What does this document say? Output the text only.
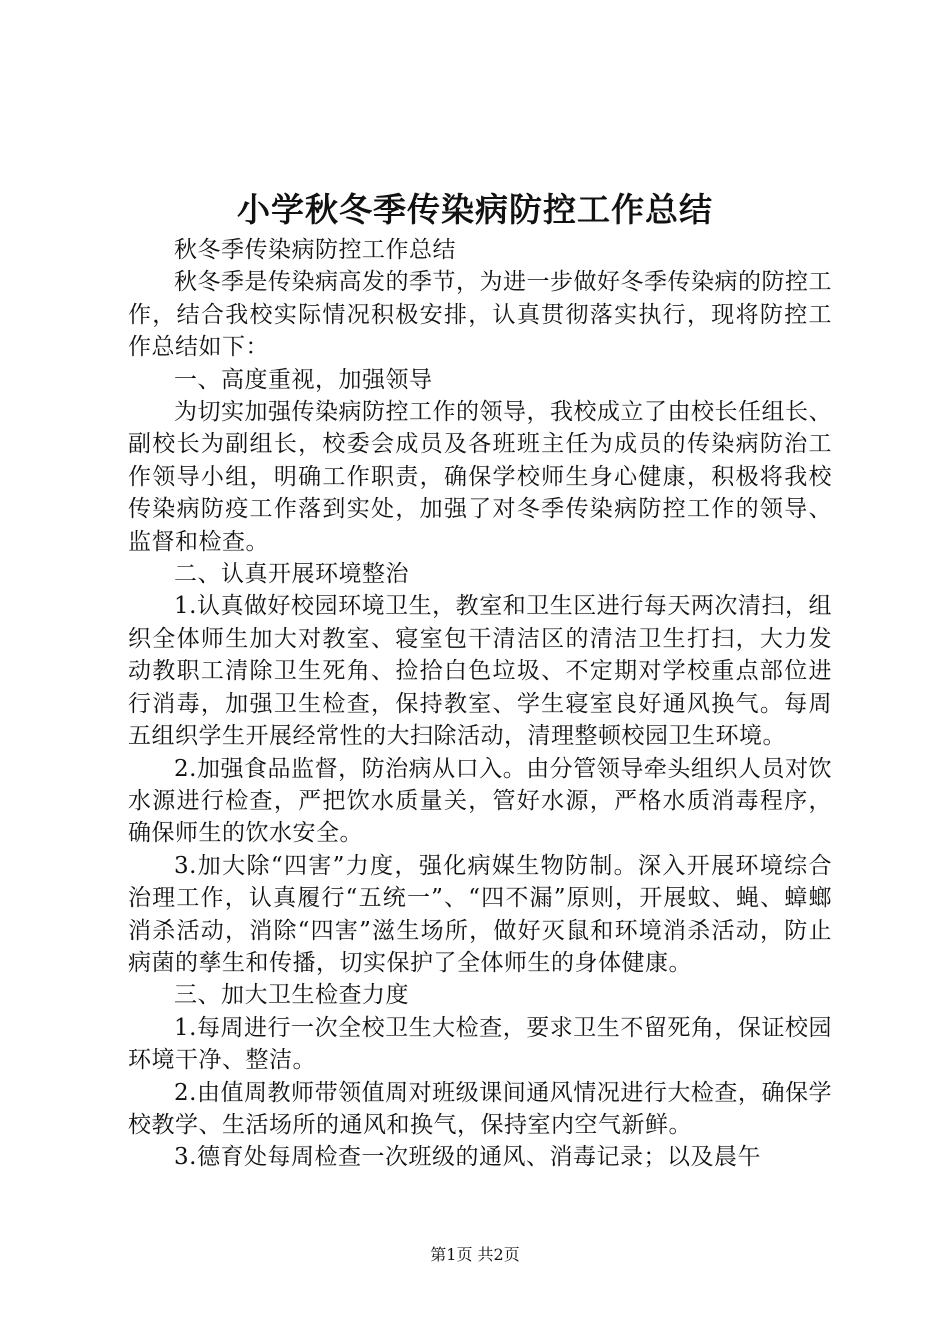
小学秋冬季传染病防控工作总结

秋冬季传染病防控工作总结

秋冬季是传染病高发的季节，为进一步做好冬季传染病的防控工作，结合我校实际情况积极安排，认真贯彻落实执行，现将防控工作总结如下：

一、高度重视，加强领导

为切实加强传染病防控工作的领导，我校成立了由校长任组长、副校长为副组长，校委会成员及各班班主任为成员的传染病防治工作领导小组，明确工作职责，确保学校师生身心健康，积极将我校传染病防疫工作落到实处，加强了对冬季传染病防控工作的领导、监督和检查。

二、认真开展环境整治

1.认真做好校园环境卫生，教室和卫生区进行每天两次清扫，组织全体师生加大对教室、寝室包干清洁区的清洁卫生打扫，大力发动教职工清除卫生死角、捡拾白色垃圾、不定期对学校重点部位进行消毒，加强卫生检查，保持教室、学生寝室良好通风换气。每周五组织学生开展经常性的大扫除活动，清理整顿校园卫生环境。

2.加强食品监督，防治病从口入。由分管领导牵头组织人员对饮水源进行检查，严把饮水质量关，管好水源，严格水质消毒程序，确保师生的饮水安全。

3.加大除“四害”力度，强化病媒生物防制。深入开展环境综合治理工作，认真履行“五统一”、“四不漏”原则，开展蚊、蝇、蟑螂消杀活动，消除“四害”滋生场所，做好灭鼠和环境消杀活动，防止病菌的孳生和传播，切实保护了全体师生的身体健康。

三、加大卫生检查力度

1.每周进行一次全校卫生大检查，要求卫生不留死角，保证校园环境干净、整洁。

2.由值周教师带领值周对班级课间通风情况进行大检查，确保学校教学、生活场所的通风和换气，保持室内空气新鲜。

3.德育处每周检查一次班级的通风、消毒记录；以及晨午

第1页 共2页
